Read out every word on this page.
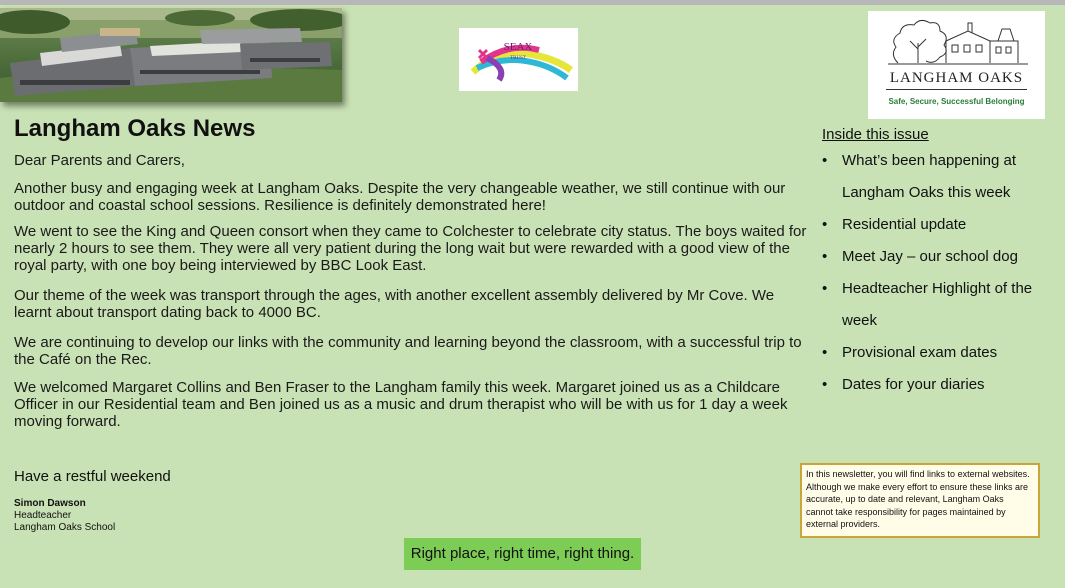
SEAX
TRUST
LANGHAM OAKS
Safe, Secure, Successful Belonging
Langham Oaks News
Dear Parents and Carers,
Another busy and engaging week at Langham Oaks. Despite the very changeable weather, we still continue with our outdoor and coastal school sessions. Resilience is definitely demonstrated here!
We went to see the King and Queen consort when they came to Colchester to celebrate city status. The boys waited for nearly 2 hours to see them. They were all very patient during the long wait but were rewarded with a good view of the royal party, with one boy being interviewed by BBC Look East.
Our theme of the week was transport through the ages, with another excellent assembly delivered by Mr Cove. We learnt about transport dating back to 4000 BC.
We are continuing to develop our links with the community and learning beyond the classroom, with a successful trip to the Café on the Rec.
We welcomed Margaret Collins and Ben Fraser to the Langham family this week. Margaret joined us as a Childcare Officer in our Residential team and Ben joined us as a music and drum therapist who will be with us for 1 day a week moving forward.
Have a restful weekend
Simon Dawson
Headteacher
Langham Oaks School
Inside this issue
• What’s been happening at Langham Oaks this week
• Residential update
• Meet Jay – our school dog
• Headteacher Highlight of the week
• Provisional exam dates
• Dates for your diaries
In this newsletter, you will find links to external websites. Although we make every effort to ensure these links are accurate, up to date and relevant, Langham Oaks cannot take responsibility for pages maintained by external providers.
Right place, right time, right thing.
